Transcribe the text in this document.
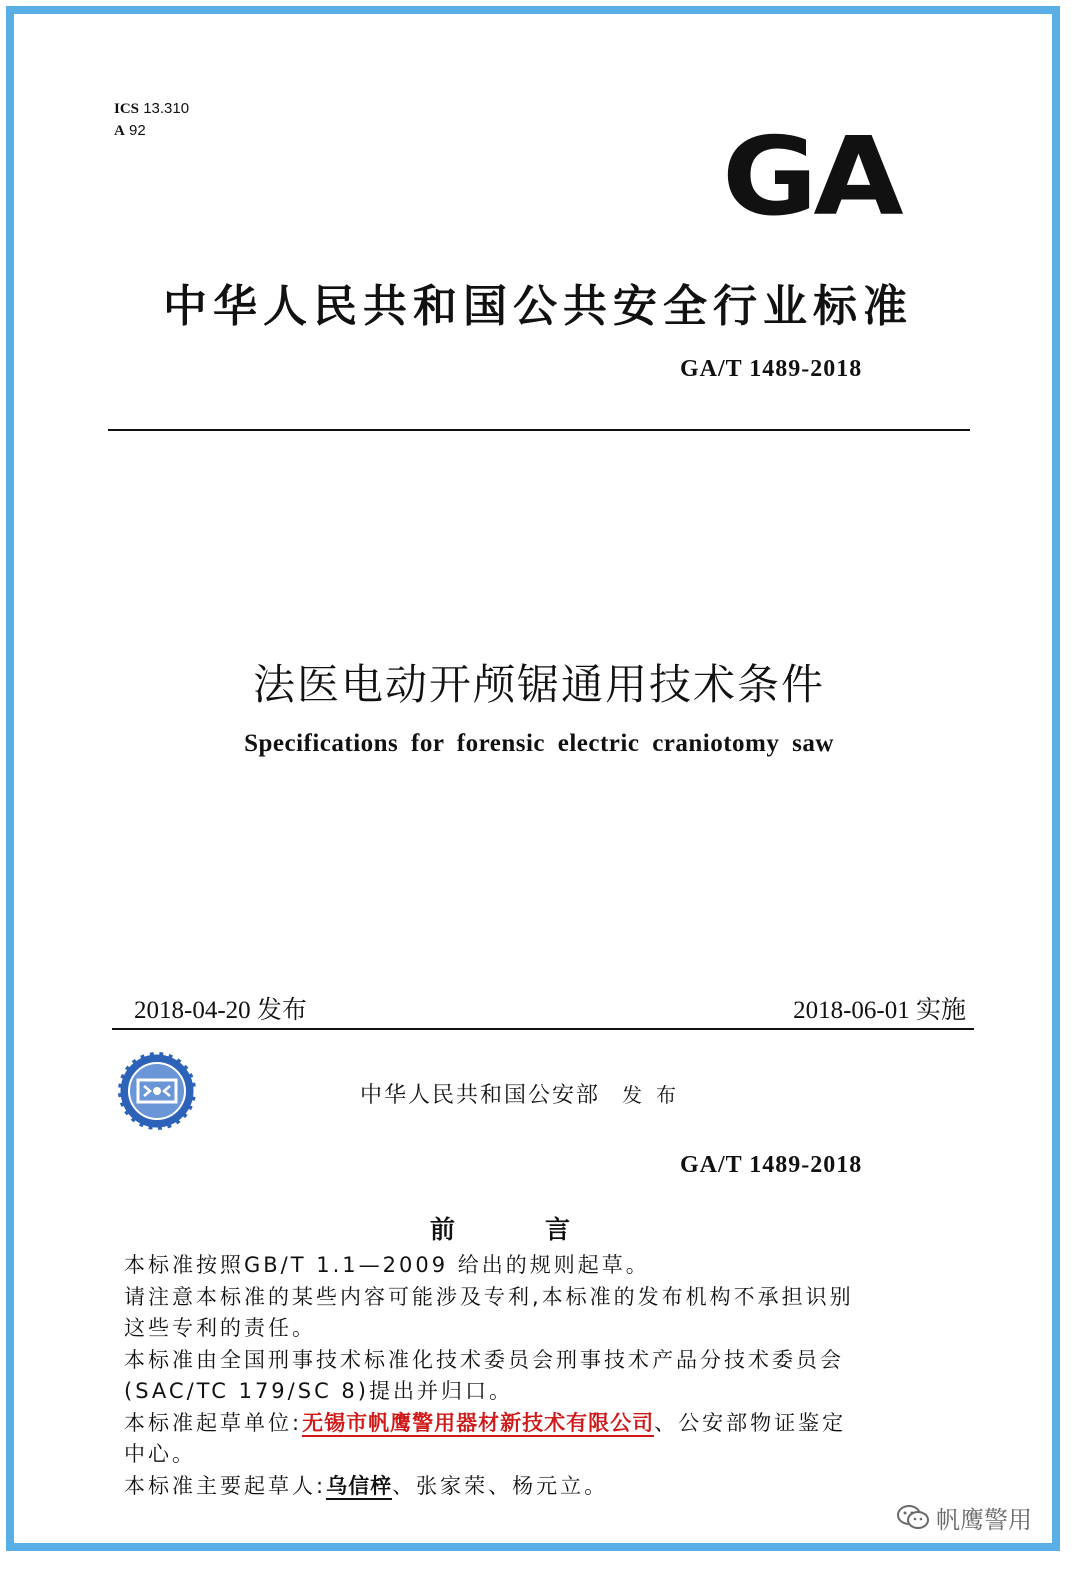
ICS 13.310
A 92	GA
中华人民共和国公共安全行业标准
GA/T 1489-2018
法医电动开颅锯通用技术条件
Specifications for forensic electric craniotomy saw
2018-04-20 发布	2018-06-01 实施
中华人民共和国公安部 发布
GA/T 1489-2018
前言

本标准按照GB/T 1.1—2009 给出的规则起草。

请注意本标准的某些内容可能涉及专利,本标准的发布机构不承担识别

这些专利的责任。

本标准由全国刑事技术标准化技术委员会刑事技术产品分技术委员会

(SAC/TC 179/SC 8)提出并归口。

本标准起草单位:无锡市帆鹰警用器材新技术有限公司、公安部物证鉴定

中心。

本标准主要起草人:乌信梓、张家荣、杨元立。

帆鹰警用
